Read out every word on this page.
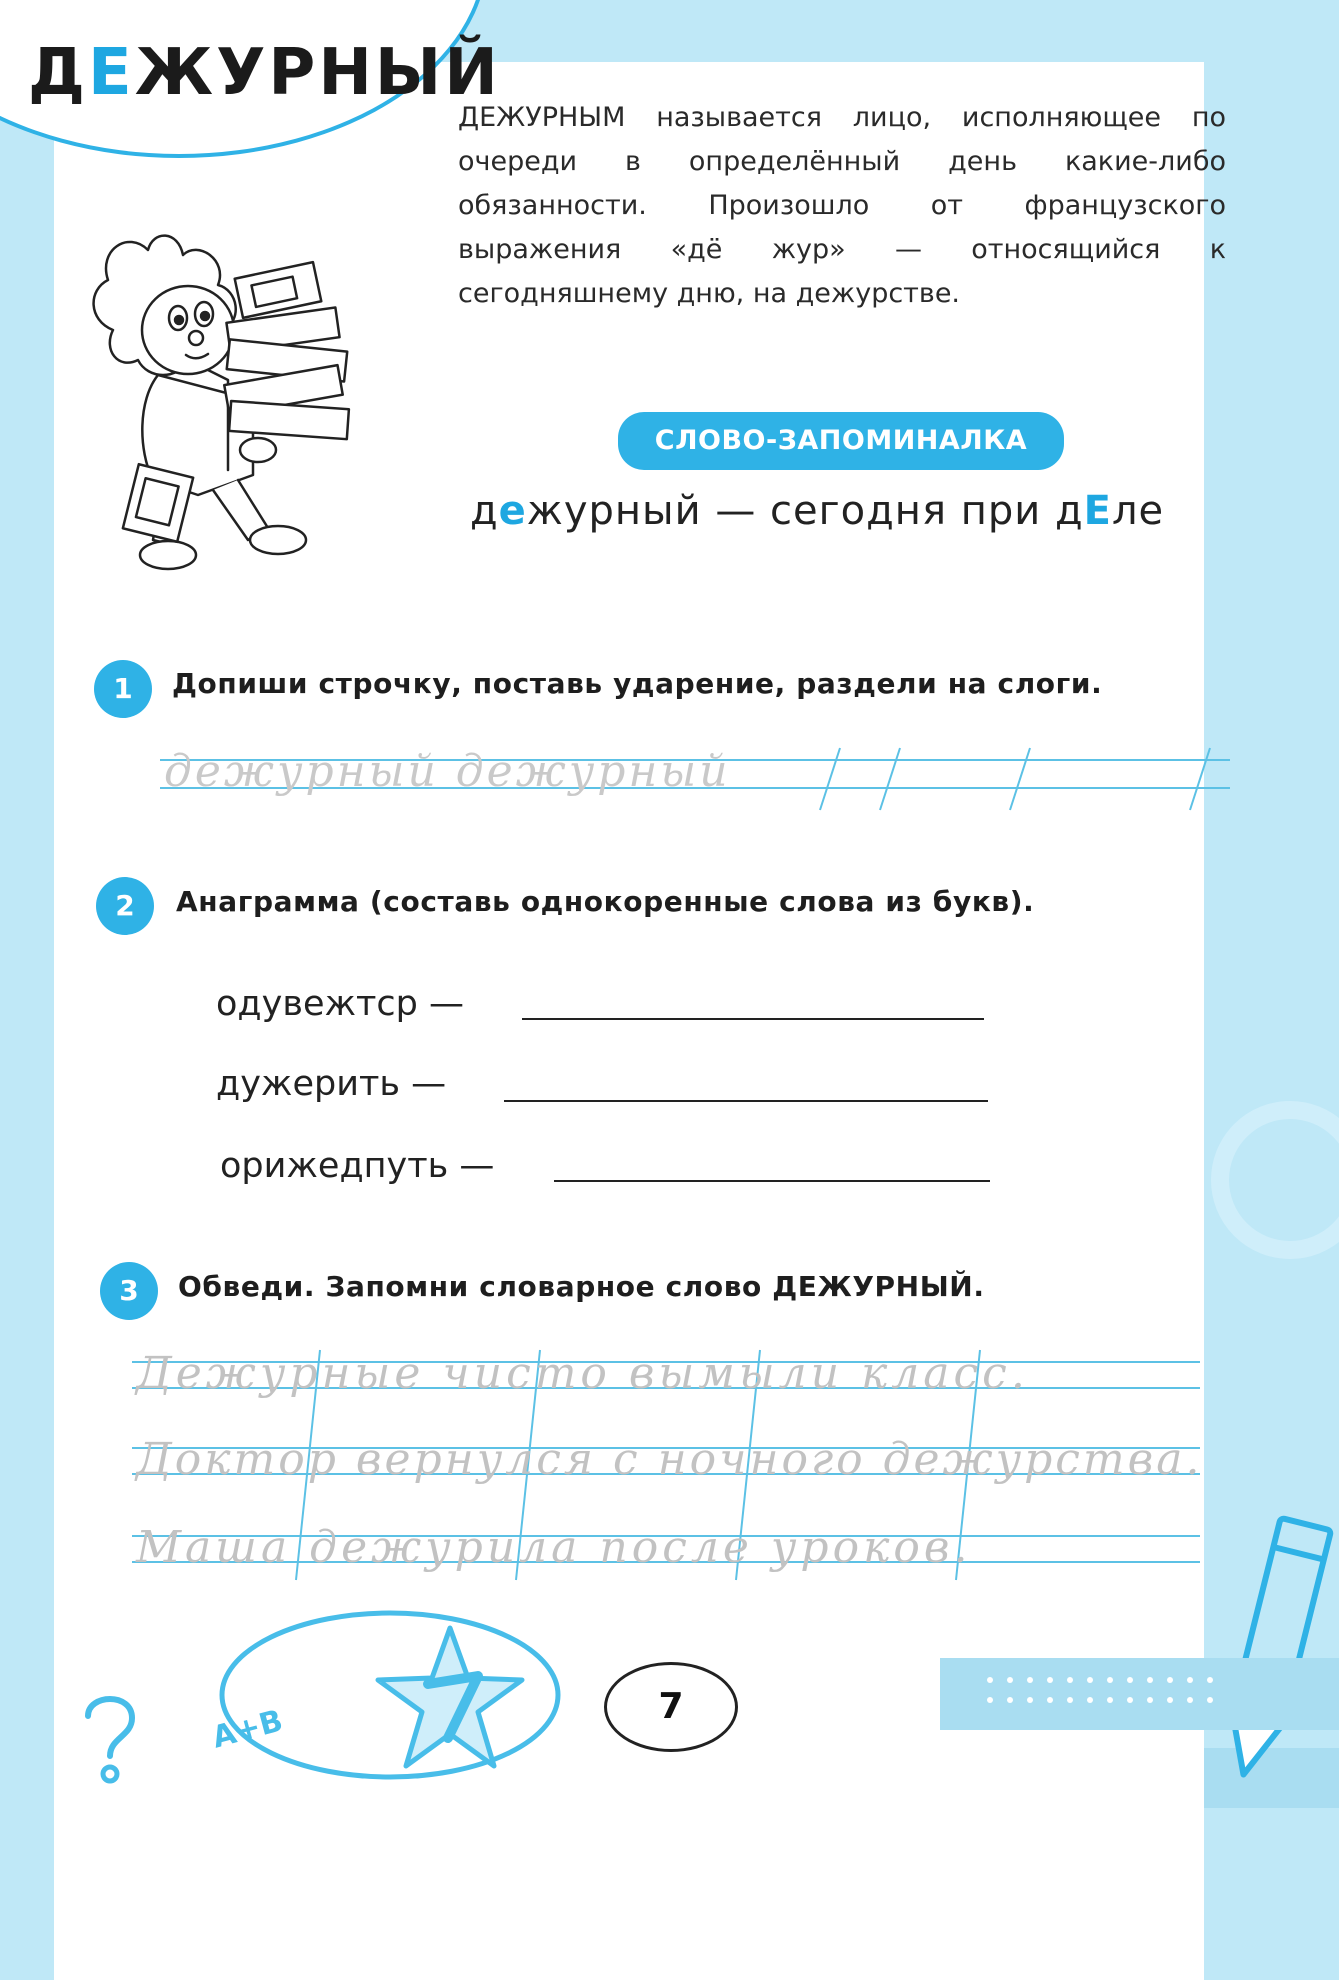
ДЕЖУРНЫЙ
ДЕЖУРНЫМ называется лицо, исполняющее по очереди в определённый день какие-либо обязанности. Произошло от французского выражения «дё жур» — относящийся к сегодняшнему дню, на дежурстве.
СЛОВО-ЗАПОМИНАЛКА
дежурный — сегодня при дЕле
1	Допиши строчку, поставь ударение, раздели на слоги.
дежурный дежурный
2	Анаграмма (составь однокоренные слова из букв).
одувежтср —
дужерить —
орижедпуть —
3	Обведи. Запомни словарное слово ДЕЖУРНЫЙ.
Дежурные чисто вымыли класс.
Доктор вернулся с ночного дежурства.
Маша дежурила после уроков.
A+B	7
